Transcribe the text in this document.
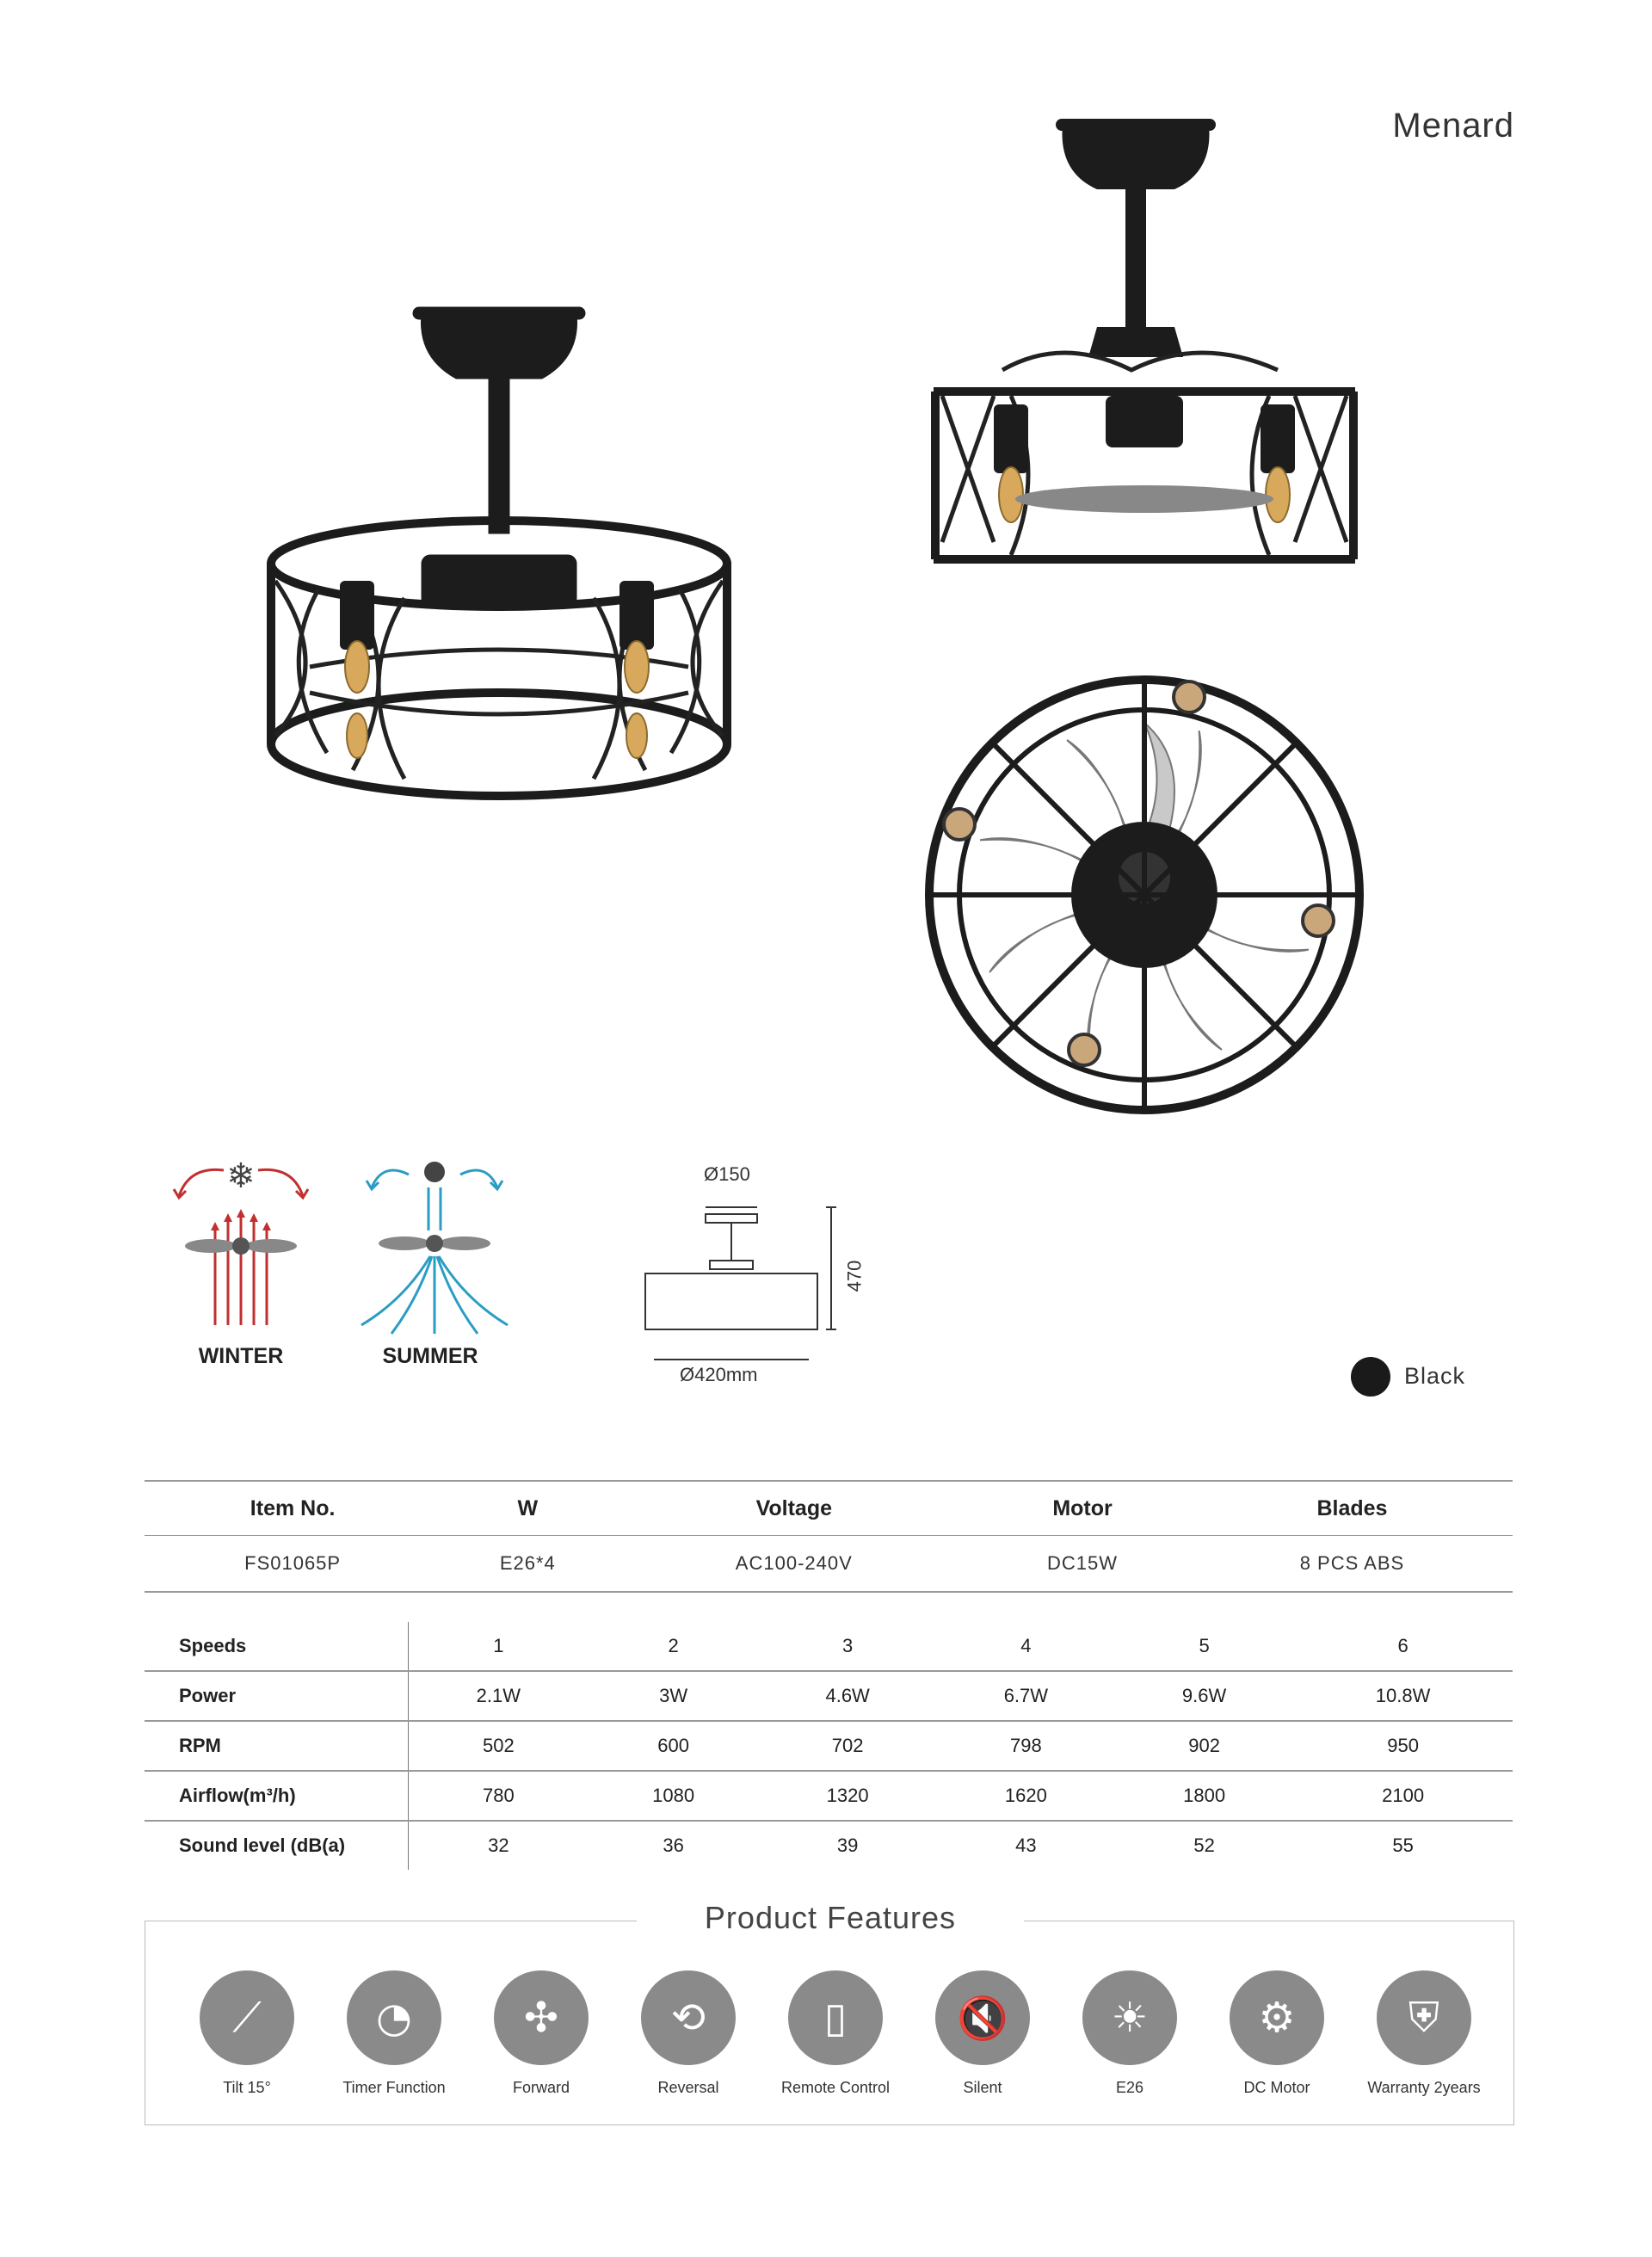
Menard
❄
WINTER	SUMMER
Ø150
470
Ø420mm	Black
Item No.	W	Voltage	Motor	Blades
FS01065P	E26*4	AC100-240V	DC15W	8 PCS ABS
Speeds	1	2	3	4	5	6
Power	2.1W	3W	4.6W	6.7W	9.6W	10.8W
RPM	502	600	702	798	902	950
Airflow(m³/h)	780	1080	1320	1620	1800	2100
Sound level (dB(a)	32	36	39	43	52	55
Product Features
⟋
Tilt 15°
◔
Timer Function
✣
Forward
⟲
Reversal
▯
Remote Control
🔇
Silent
☀
E26
⚙
DC Motor
⛨
Warranty 2years
